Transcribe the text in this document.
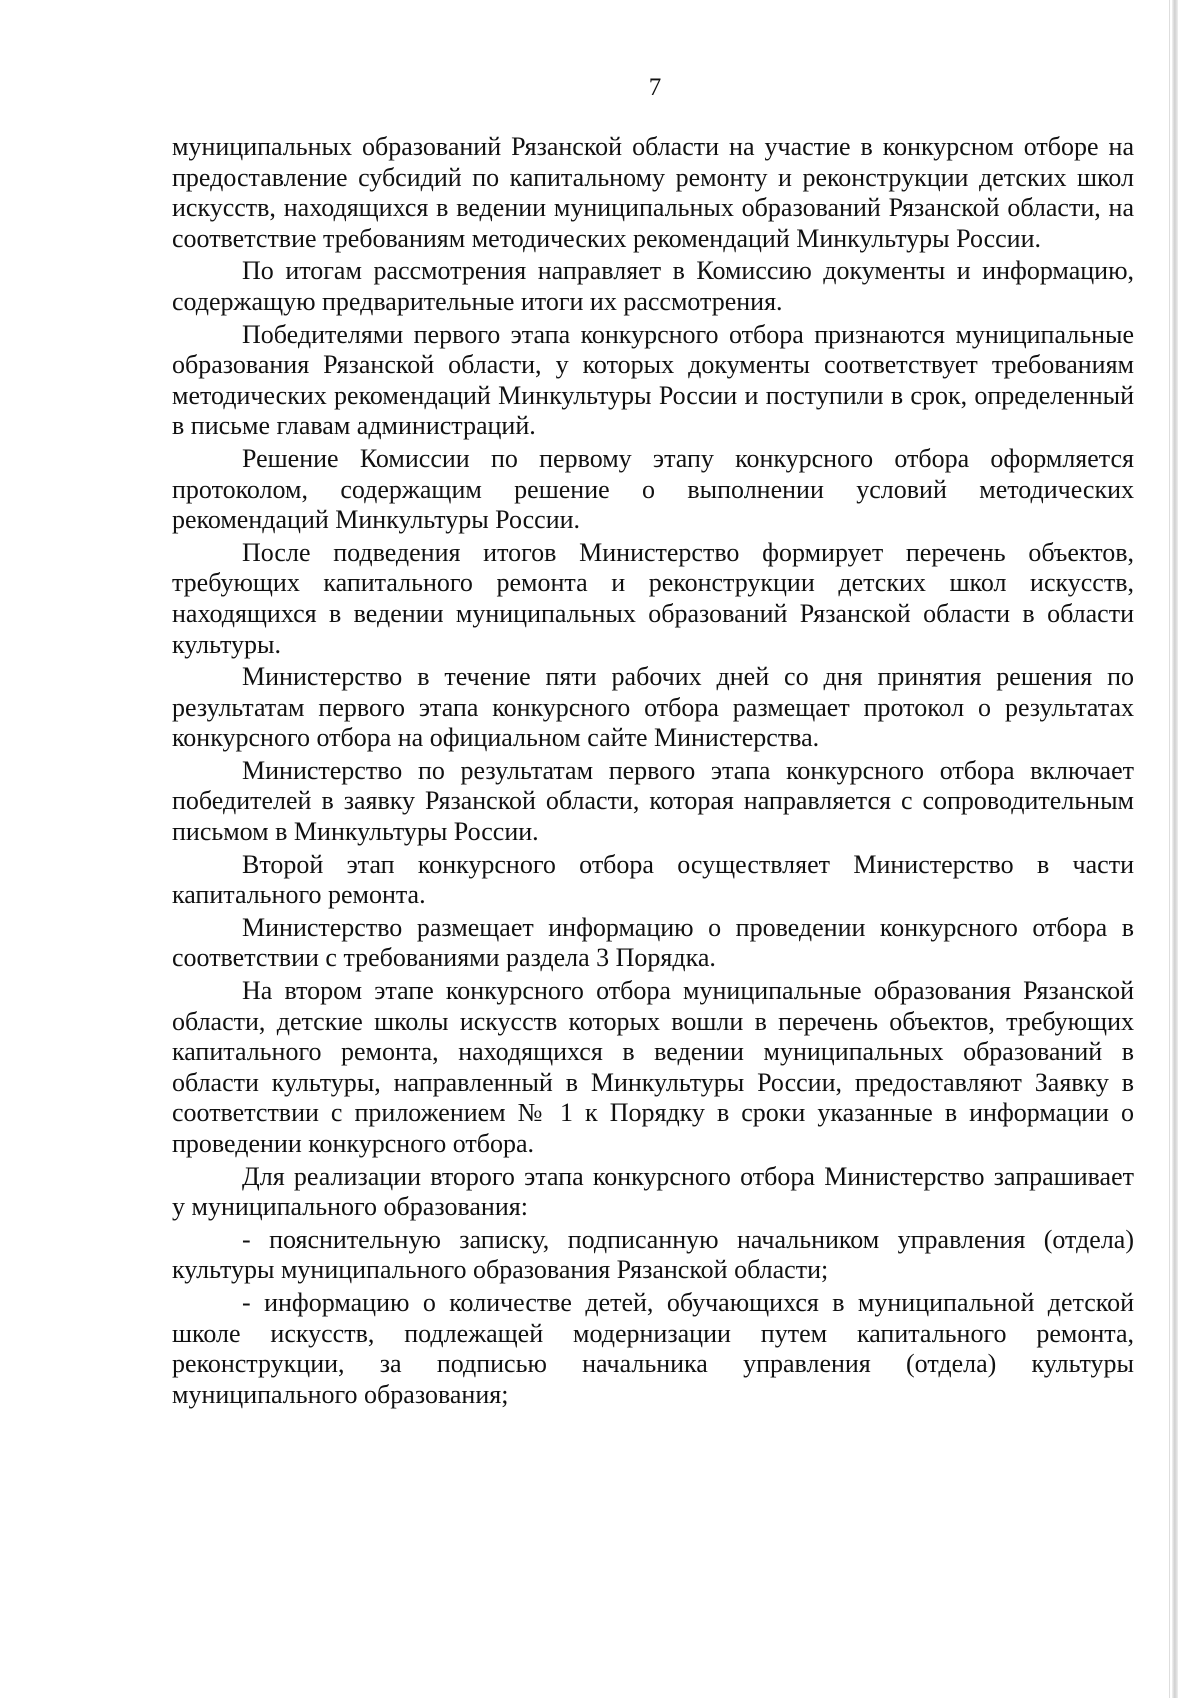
7

муниципальных образований Рязанской области на участие в конкурсном отборе на предоставление субсидий по капитальному ремонту и реконструкции детских школ искусств, находящихся в ведении муниципальных образований Рязанской области, на соответствие требованиям методических рекомендаций Минкультуры России.

По итогам рассмотрения направляет в Комиссию документы и информацию, содержащую предварительные итоги их рассмотрения.

Победителями первого этапа конкурсного отбора признаются муниципальные образования Рязанской области, у которых документы соответствует требованиям методических рекомендаций Минкультуры России и поступили в срок, определенный в письме главам администраций.

Решение Комиссии по первому этапу конкурсного отбора оформляется протоколом, содержащим решение о выполнении условий методических рекомендаций Минкультуры России.

После подведения итогов Министерство формирует перечень объектов, требующих капитального ремонта и реконструкции детских школ искусств, находящихся в ведении муниципальных образований Рязанской области в области культуры.

Министерство в течение пяти рабочих дней со дня принятия решения по результатам первого этапа конкурсного отбора размещает протокол о результатах конкурсного отбора на официальном сайте Министерства.

Министерство по результатам первого этапа конкурсного отбора включает победителей в заявку Рязанской области, которая направляется с сопроводительным письмом в Минкультуры России.

Второй этап конкурсного отбора осуществляет Министерство в части капитального ремонта.

Министерство размещает информацию о проведении конкурсного отбора в соответствии с требованиями раздела 3 Порядка.

На втором этапе конкурсного отбора муниципальные образования Рязанской области, детские школы искусств которых вошли в перечень объектов, требующих капитального ремонта, находящихся в ведении муниципальных образований в области культуры, направленный в Минкультуры России, предоставляют Заявку в соответствии с приложением № 1 к Порядку в сроки указанные в информации о проведении конкурсного отбора.

Для реализации второго этапа конкурсного отбора Министерство запрашивает у муниципального образования:

- пояснительную записку, подписанную начальником управления (отдела) культуры муниципального образования Рязанской области;

- информацию о количестве детей, обучающихся в муниципальной детской школе искусств, подлежащей модернизации путем капитального ремонта, реконструкции, за подписью начальника управления (отдела) культуры муниципального образования;
